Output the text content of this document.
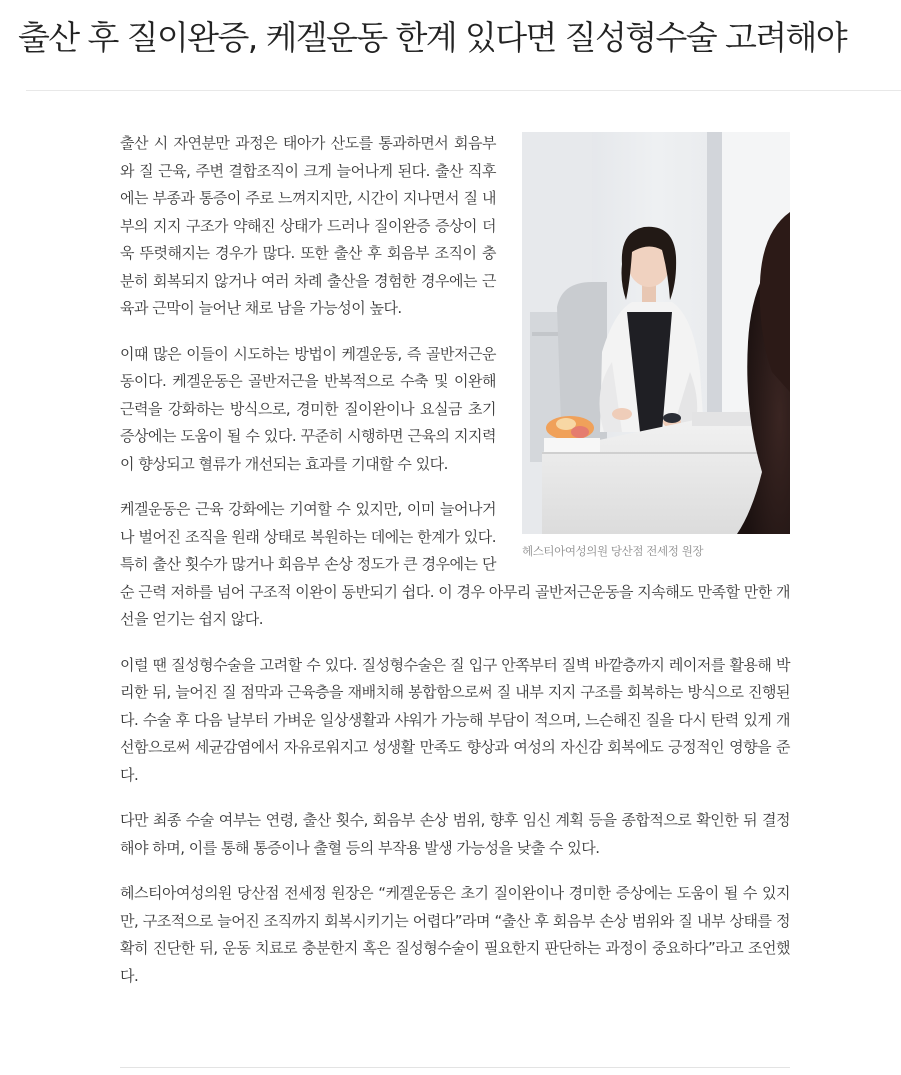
출산 후 질이완증, 케겔운동 한계 있다면 질성형수술 고려해야
헤스티아여성의원 당산점 전세정 원장

출산 시 자연분만 과정은 태아가 산도를 통과하면서 회음부와 질 근육, 주변 결합조직이 크게 늘어나게 된다. 출산 직후에는 부종과 통증이 주로 느껴지지만, 시간이 지나면서 질 내부의 지지 구조가 약해진 상태가 드러나 질이완증 증상이 더욱 뚜렷해지는 경우가 많다. 또한 출산 후 회음부 조직이 충분히 회복되지 않거나 여러 차례 출산을 경험한 경우에는 근육과 근막이 늘어난 채로 남을 가능성이 높다.

이때 많은 이들이 시도하는 방법이 케겔운동, 즉 골반저근운동이다. 케겔운동은 골반저근을 반복적으로 수축 및 이완해 근력을 강화하는 방식으로, 경미한 질이완이나 요실금 초기 증상에는 도움이 될 수 있다. 꾸준히 시행하면 근육의 지지력이 향상되고 혈류가 개선되는 효과를 기대할 수 있다.

케겔운동은 근육 강화에는 기여할 수 있지만, 이미 늘어나거나 벌어진 조직을 원래 상태로 복원하는 데에는 한계가 있다. 특히 출산 횟수가 많거나 회음부 손상 정도가 큰 경우에는 단순 근력 저하를 넘어 구조적 이완이 동반되기 쉽다. 이 경우 아무리 골반저근운동을 지속해도 만족할 만한 개선을 얻기는 쉽지 않다.

이럴 땐 질성형수술을 고려할 수 있다. 질성형수술은 질 입구 안쪽부터 질벽 바깥층까지 레이저를 활용해 박리한 뒤, 늘어진 질 점막과 근육층을 재배치해 봉합함으로써 질 내부 지지 구조를 회복하는 방식으로 진행된다. 수술 후 다음 날부터 가벼운 일상생활과 샤워가 가능해 부담이 적으며, 느슨해진 질을 다시 탄력 있게 개선함으로써 세균감염에서 자유로워지고 성생활 만족도 향상과 여성의 자신감 회복에도 긍정적인 영향을 준다.

다만 최종 수술 여부는 연령, 출산 횟수, 회음부 손상 범위, 향후 임신 계획 등을 종합적으로 확인한 뒤 결정해야 하며, 이를 통해 통증이나 출혈 등의 부작용 발생 가능성을 낮출 수 있다.

헤스티아여성의원 당산점 전세정 원장은 “케겔운동은 초기 질이완이나 경미한 증상에는 도움이 될 수 있지만, 구조적으로 늘어진 조직까지 회복시키기는 어렵다”라며 “출산 후 회음부 손상 범위와 질 내부 상태를 정확히 진단한 뒤, 운동 치료로 충분한지 혹은 질성형수술이 필요한지 판단하는 과정이 중요하다”라고 조언했다.
